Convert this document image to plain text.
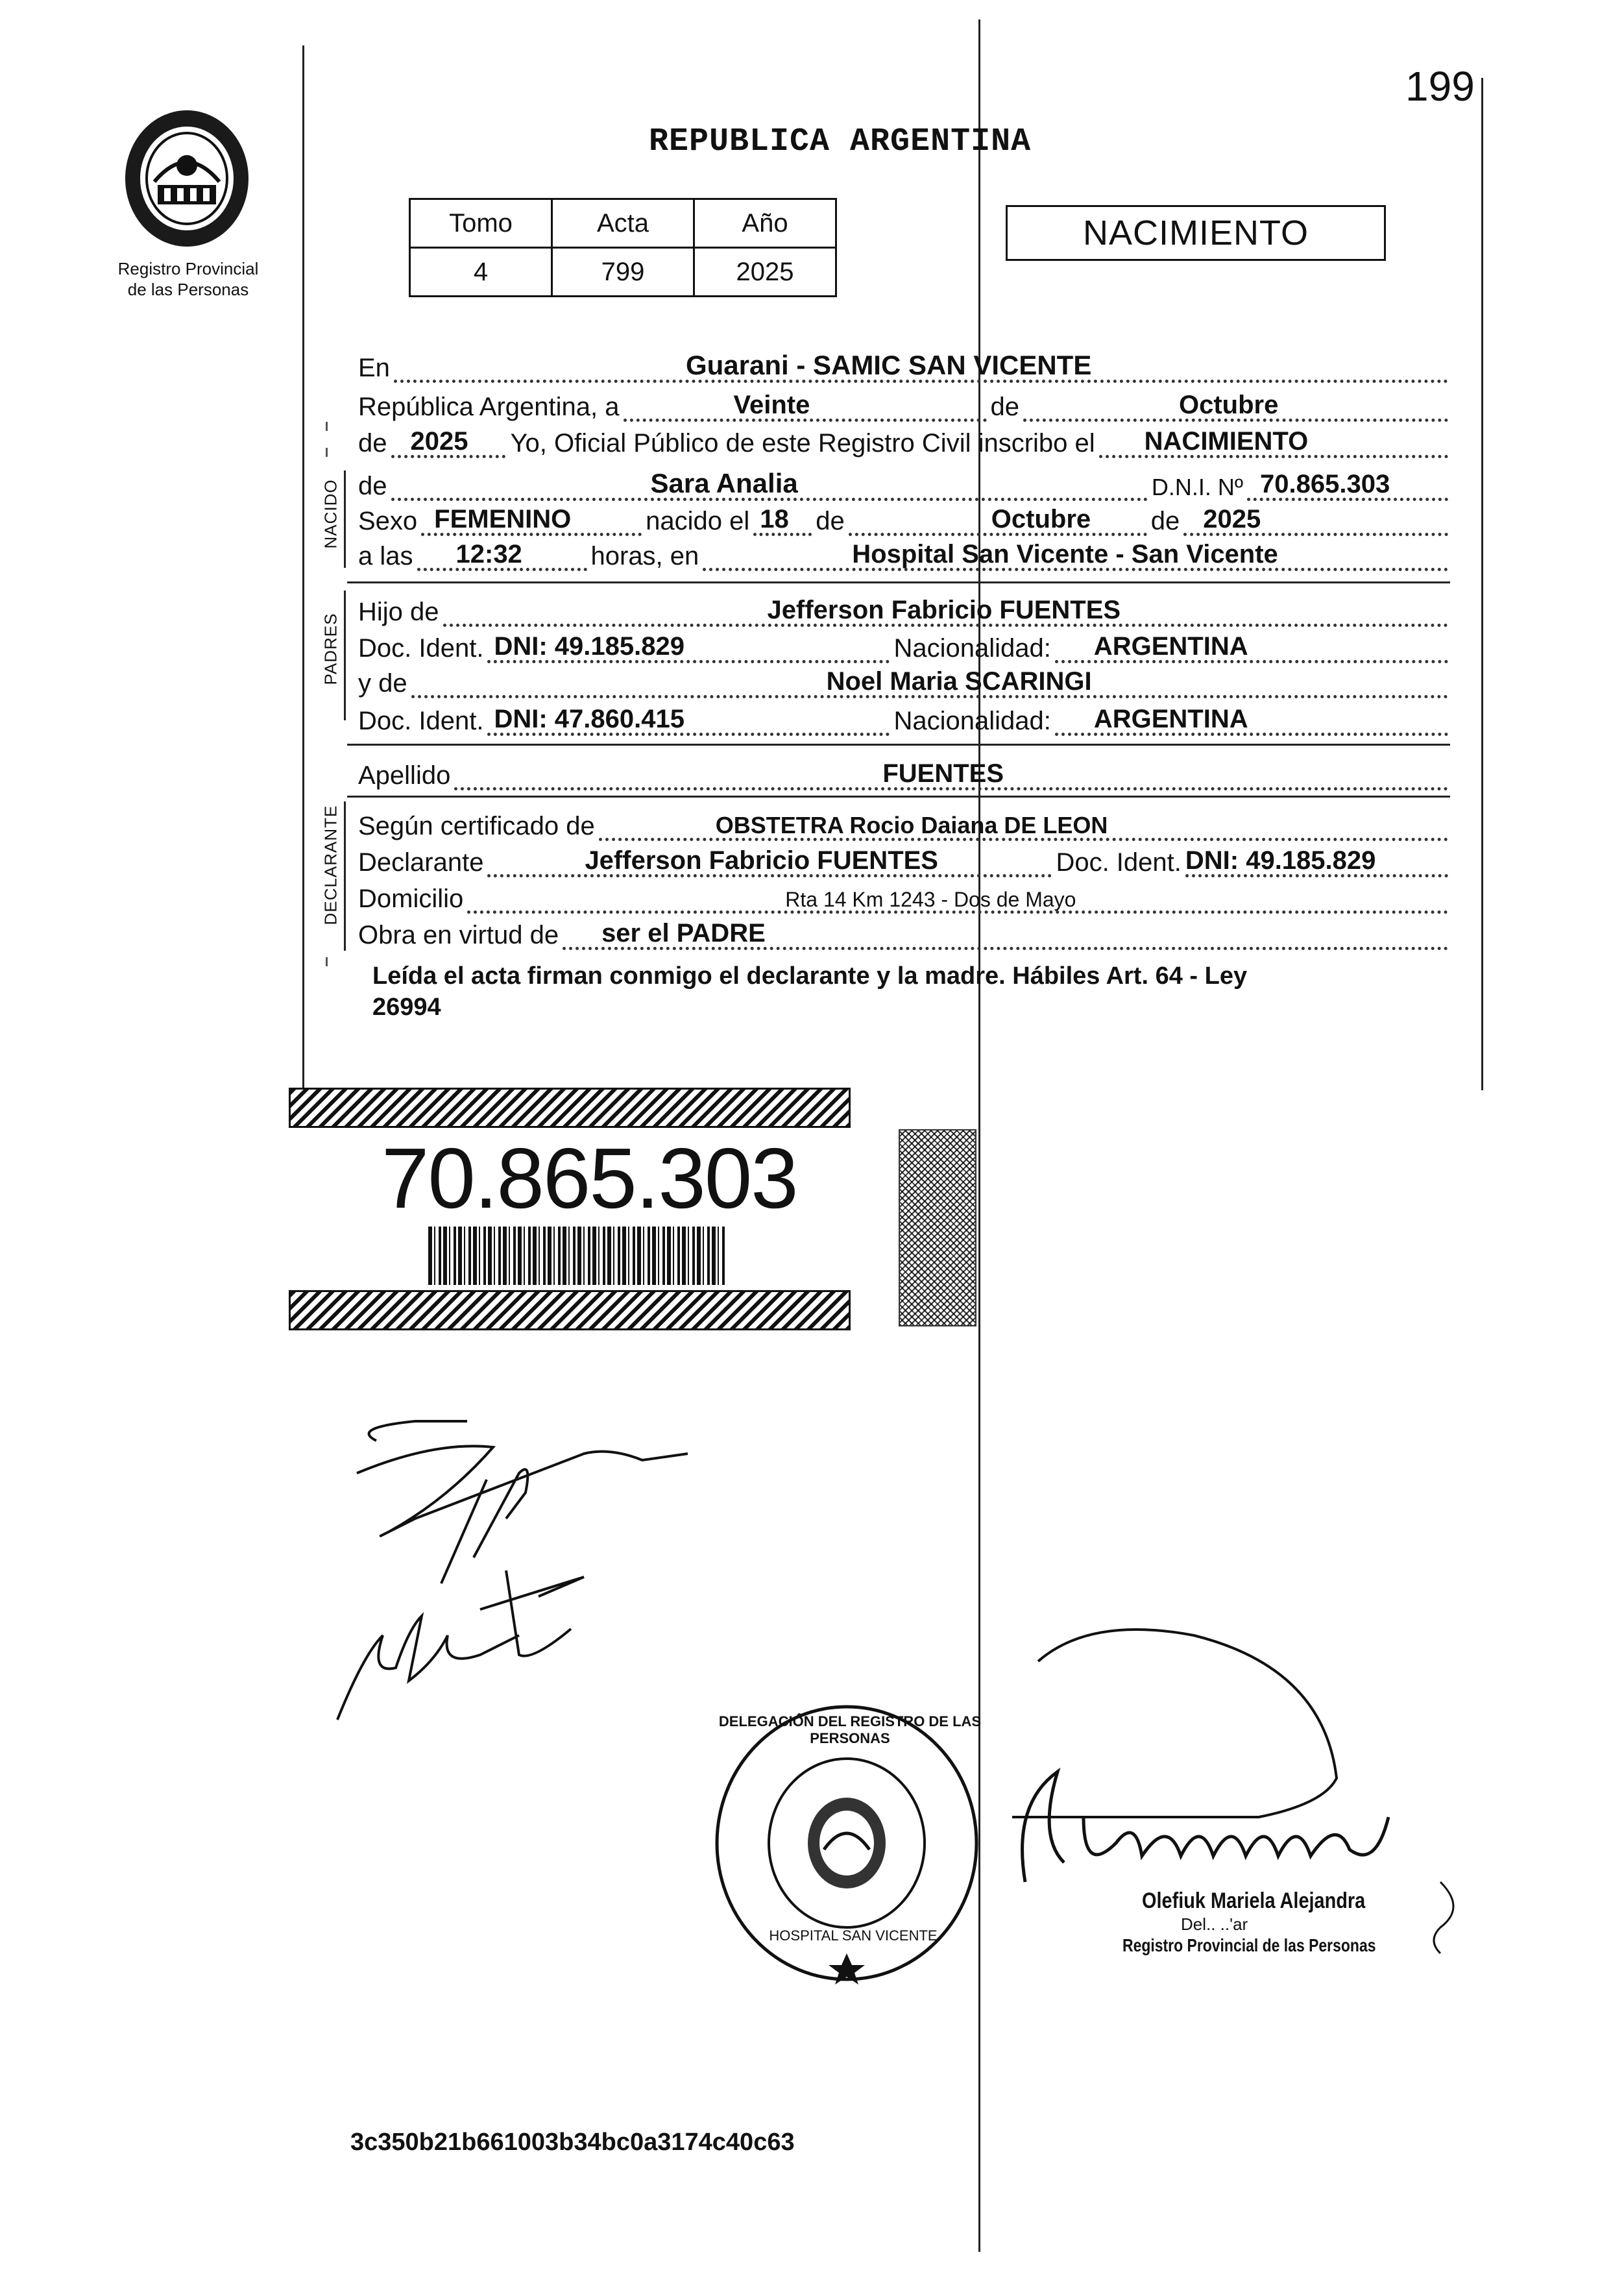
199
Registro Provincial
de las Personas
REPUBLICA ARGENTINA
Tomo	Acta	Año
4	799	2025
NACIMIENTO
NACIDO
PADRES
DECLARANTE
En	Guarani - SAMIC SAN VICENTE
República Argentina, a	Veinte	de	Octubre
de 2025 Yo, Oficial Público de este Registro Civil inscribo el NACIMIENTO
de	Sara Analia	D.N.I. Nº 70.865.303
Sexo FEMENINO	nacido el 18 de	Octubre de 2025
a las 12:32	horas, en	Hospital San Vicente - San Vicente
Hijo de	Jefferson Fabricio FUENTES
Doc. Ident. DNI: 49.185.829	Nacionalidad: ARGENTINA
y de	Noel Maria SCARINGI
Doc. Ident. DNI: 47.860.415	Nacionalidad: ARGENTINA
Apellido	FUENTES
Según certificado de	OBSTETRA Rocio Daiana DE LEON
Declarante	Jefferson Fabricio FUENTES	Doc. Ident. DNI: 49.185.829
Domicilio	Rta 14 Km 1243 - Dos de Mayo
Obra en virtud de ser el PADRE
Leída el acta firman conmigo el declarante y la madre. Hábiles Art. 64 - Ley
26994
70.865.303
DELEGACIÓN DEL REGISTRO DE LAS PERSONAS
HOSPITAL SAN VICENTE
Olefiuk Mariela Alejandra
Del.. ..'ar
Registro Provincial de las Personas
3c350b21b661003b34bc0a3174c40c63
